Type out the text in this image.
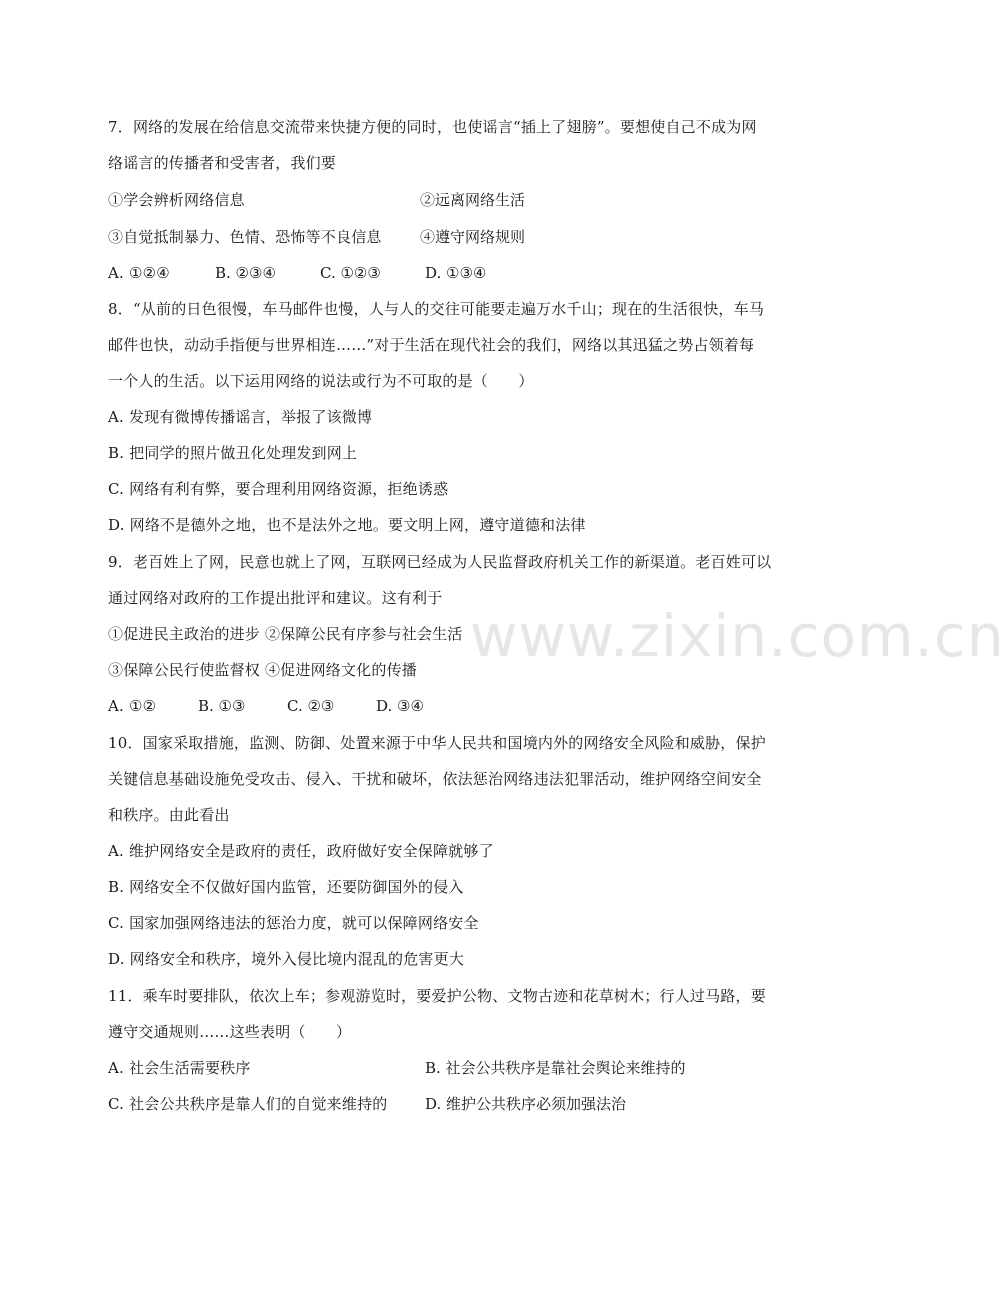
www.zixin.com.cn
7．网络的发展在给信息交流带来快捷方便的同时，也使谣言“插上了翅膀”。要想使自己不成为网
络谣言的传播者和受害者，我们要
①学会辨析网络信息	②远离网络生活
③自觉抵制暴力、色情、恐怖等不良信息	④遵守网络规则
A. ①②④	B. ②③④	C. ①②③	D. ①③④
8．“从前的日色很慢，车马邮件也慢，人与人的交往可能要走遍万水千山；现在的生活很快，车马
邮件也快，动动手指便与世界相连……”对于生活在现代社会的我们，网络以其迅猛之势占领着每
一个人的生活。以下运用网络的说法或行为不可取的是（　　）
A. 发现有微博传播谣言，举报了该微博
B. 把同学的照片做丑化处理发到网上
C. 网络有利有弊，要合理利用网络资源，拒绝诱惑
D. 网络不是德外之地，也不是法外之地。要文明上网，遵守道德和法律
9．老百姓上了网，民意也就上了网，互联网已经成为人民监督政府机关工作的新渠道。老百姓可以
通过网络对政府的工作提出批评和建议。这有利于
①促进民主政治的进步 ②保障公民有序参与社会生活
③保障公民行使监督权 ④促进网络文化的传播
A. ①②	B. ①③	C. ②③	D. ③④
10．国家采取措施，监测、防御、处置来源于中华人民共和国境内外的网络安全风险和威胁，保护
关键信息基础设施免受攻击、侵入、干扰和破坏，依法惩治网络违法犯罪活动，维护网络空间安全
和秩序。由此看出
A. 维护网络安全是政府的责任，政府做好安全保障就够了
B. 网络安全不仅做好国内监管，还要防御国外的侵入
C. 国家加强网络违法的惩治力度，就可以保障网络安全
D. 网络安全和秩序，境外入侵比境内混乱的危害更大
11．乘车时要排队，依次上车；参观游览时，要爱护公物、文物古迹和花草树木；行人过马路，要
遵守交通规则……这些表明（　　）
A. 社会生活需要秩序	B. 社会公共秩序是靠社会舆论来维持的
C. 社会公共秩序是靠人们的自觉来维持的	D. 维护公共秩序必须加强法治
